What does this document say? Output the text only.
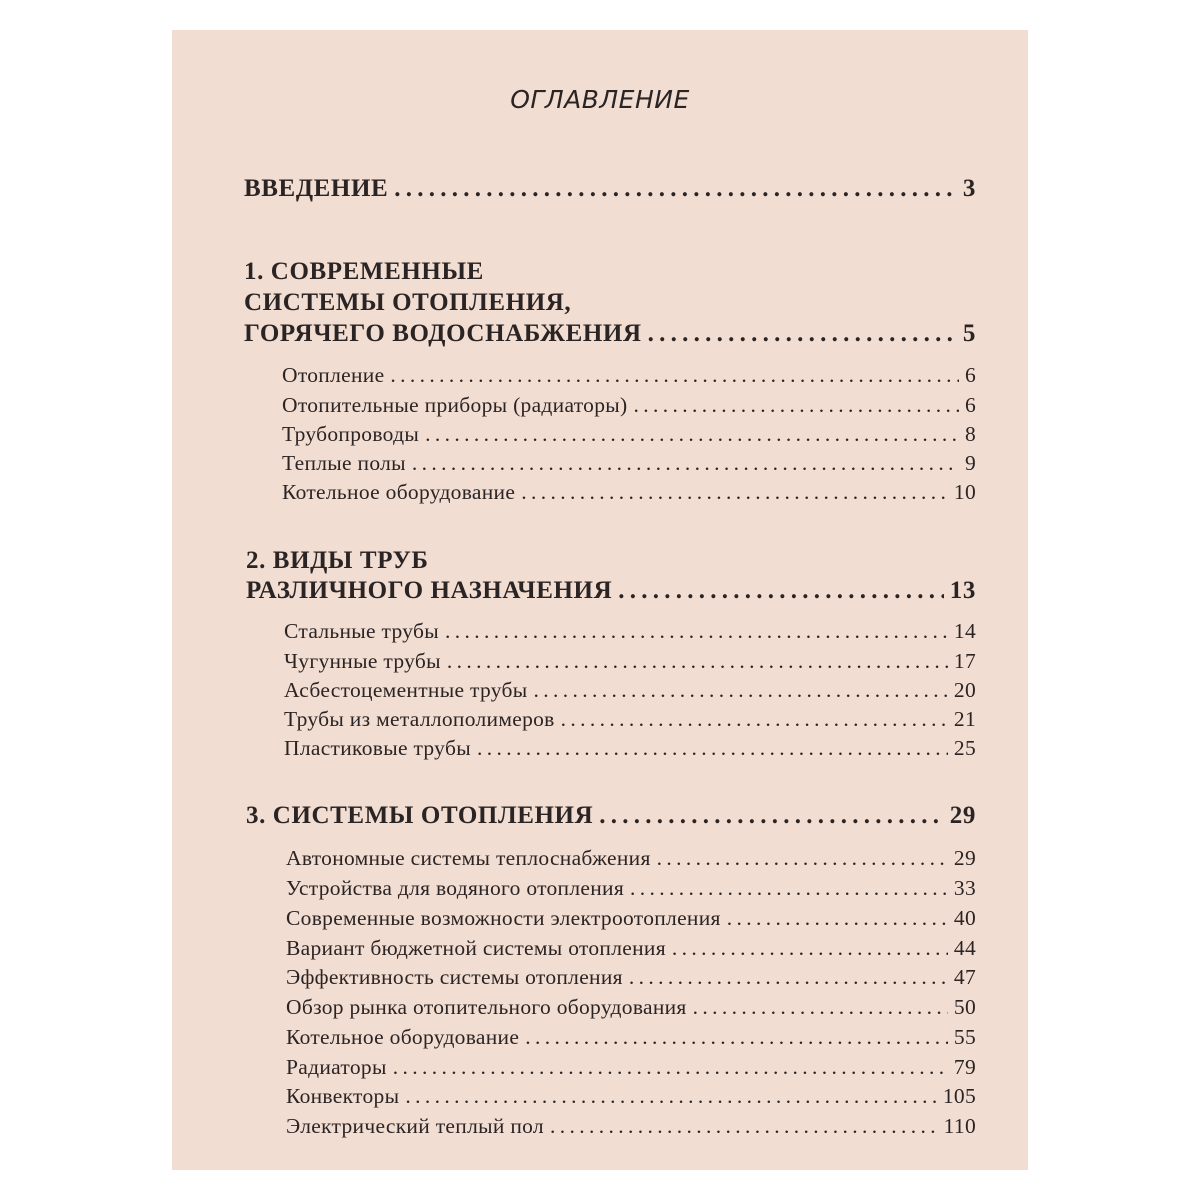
ОГЛАВЛЕНИЕ
ВВЕДЕНИЕ . . .	3
1. СОВРЕМЕННЫЕ
СИСТЕМЫ ОТОПЛЕНИЯ,
ГОРЯЧЕГО ВОДОСНАБЖЕНИЯ . . .	5
Отопление . . .	6
Отопительные приборы (радиаторы) . . .	6
Трубопроводы . . .	8
Теплые полы . . .	9
Котельное оборудование . . .	10
2. ВИДЫ ТРУБ
РАЗЛИЧНОГО НАЗНАЧЕНИЯ . . .	13
Стальные трубы . . .	14
Чугунные трубы . . .	17
Асбестоцементные трубы . . .	20
Трубы из металлополимеров . . .	21
Пластиковые трубы . . .	25
3. СИСТЕМЫ ОТОПЛЕНИЯ . . .	29
Автономные системы теплоснабжения . . .	29
Устройства для водяного отопления . . .	33
Современные возможности электроотопления . . .	40
Вариант бюджетной системы отопления . . .	44
Эффективность системы отопления . . .	47
Обзор рынка отопительного оборудования . . .	50
Котельное оборудование . . .	55
Радиаторы . . .	79
Конвекторы . . .	105
Электрический теплый пол . . .	110
